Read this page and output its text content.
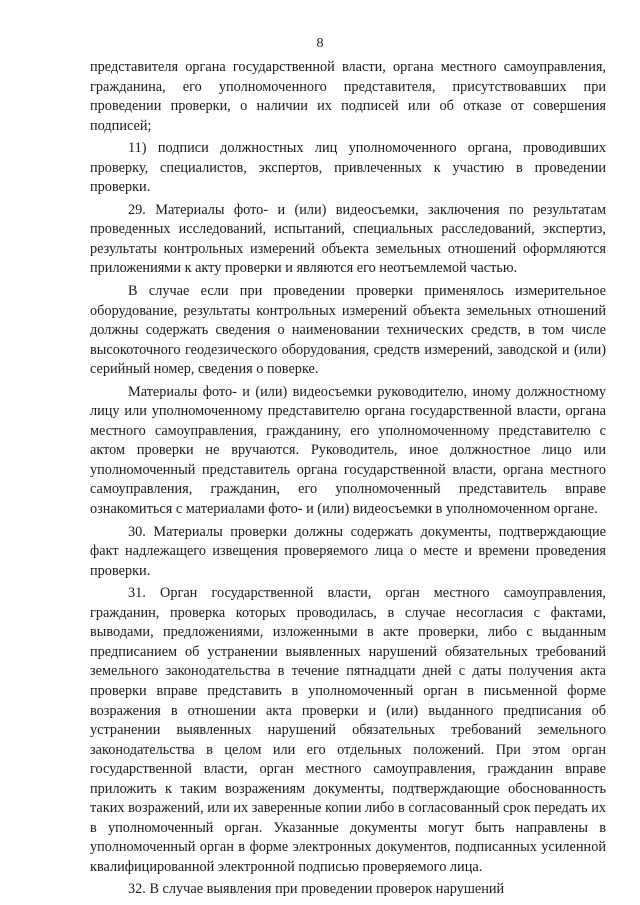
8

представителя органа государственной власти, органа местного самоуправления, гражданина, его уполномоченного представителя, присутствовавших при проведении проверки, о наличии их подписей или об отказе от совершения подписей;

11) подписи должностных лиц уполномоченного органа, проводивших проверку, специалистов, экспертов, привлеченных к участию в проведении проверки.

29. Материалы фото- и (или) видеосъемки, заключения по результатам проведенных исследований, испытаний, специальных расследований, экспертиз, результаты контрольных измерений объекта земельных отношений оформляются приложениями к акту проверки и являются его неотъемлемой частью.

В случае если при проведении проверки применялось измерительное оборудование, результаты контрольных измерений объекта земельных отношений должны содержать сведения о наименовании технических средств, в том числе высокоточного геодезического оборудования, средств измерений, заводской и (или) серийный номер, сведения о поверке.

Материалы фото- и (или) видеосъемки руководителю, иному должностному лицу или уполномоченному представителю органа государственной власти, органа местного самоуправления, гражданину, его уполномоченному представителю с актом проверки не вручаются. Руководитель, иное должностное лицо или уполномоченный представитель органа государственной власти, органа местного самоуправления, гражданин, его уполномоченный представитель вправе ознакомиться с материалами фото- и (или) видеосъемки в уполномоченном органе.

30. Материалы проверки должны содержать документы, подтверждающие факт надлежащего извещения проверяемого лица о месте и времени проведения проверки.

31. Орган государственной власти, орган местного самоуправления, гражданин, проверка которых проводилась, в случае несогласия с фактами, выводами, предложениями, изложенными в акте проверки, либо с выданным предписанием об устранении выявленных нарушений обязательных требований земельного законодательства в течение пятнадцати дней с даты получения акта проверки вправе представить в уполномоченный орган в письменной форме возражения в отношении акта проверки и (или) выданного предписания об устранении выявленных нарушений обязательных требований земельного законодательства в целом или его отдельных положений. При этом орган государственной власти, орган местного самоуправления, гражданин вправе приложить к таким возражениям документы, подтверждающие обоснованность таких возражений, или их заверенные копии либо в согласованный срок передать их в уполномоченный орган. Указанные документы могут быть направлены в уполномоченный орган в форме электронных документов, подписанных усиленной квалифицированной электронной подписью проверяемого лица.

32. В случае выявления при проведении проверок нарушений
